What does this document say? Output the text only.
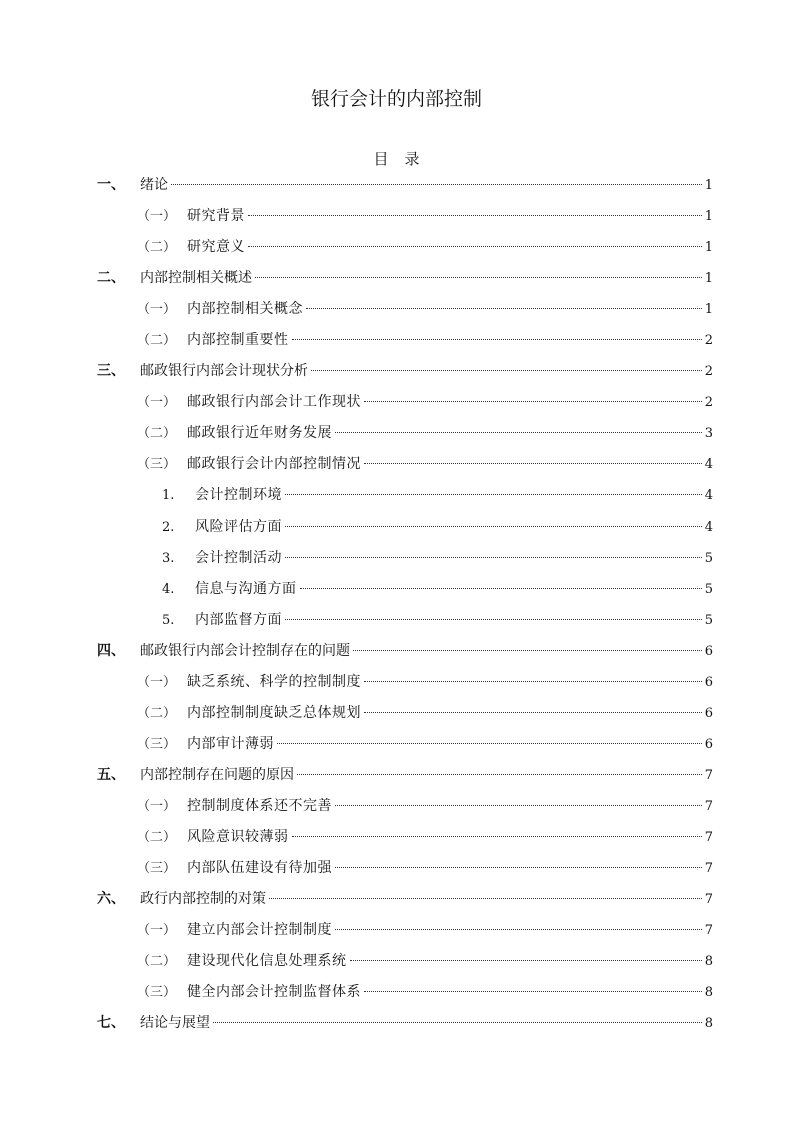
银行会计的内部控制
目录
一、	绪论	1
（一） 研究背景	1
（二） 研究意义	1
二、	内部控制相关概述	1
（一） 内部控制相关概念	1
（二） 内部控制重要性	2
三、	邮政银行内部会计现状分析	2
（一） 邮政银行内部会计工作现状	2
（二） 邮政银行近年财务发展	3
（三） 邮政银行会计内部控制情况	4
1.	会计控制环境	4
2.	风险评估方面	4
3.	会计控制活动	5
4.	信息与沟通方面	5
5.	内部监督方面	5
四、	邮政银行内部会计控制存在的问题	6
（一） 缺乏系统、科学的控制制度	6
（二） 内部控制制度缺乏总体规划	6
（三） 内部审计薄弱	6
五、	内部控制存在问题的原因	7
（一） 控制制度体系还不完善	7
（二） 风险意识较薄弱	7
（三） 内部队伍建设有待加强	7
六、	政行内部控制的对策	7
（一） 建立内部会计控制制度	7
（二） 建设现代化信息处理系统	8
（三） 健全内部会计控制监督体系	8
七、	结论与展望	8
